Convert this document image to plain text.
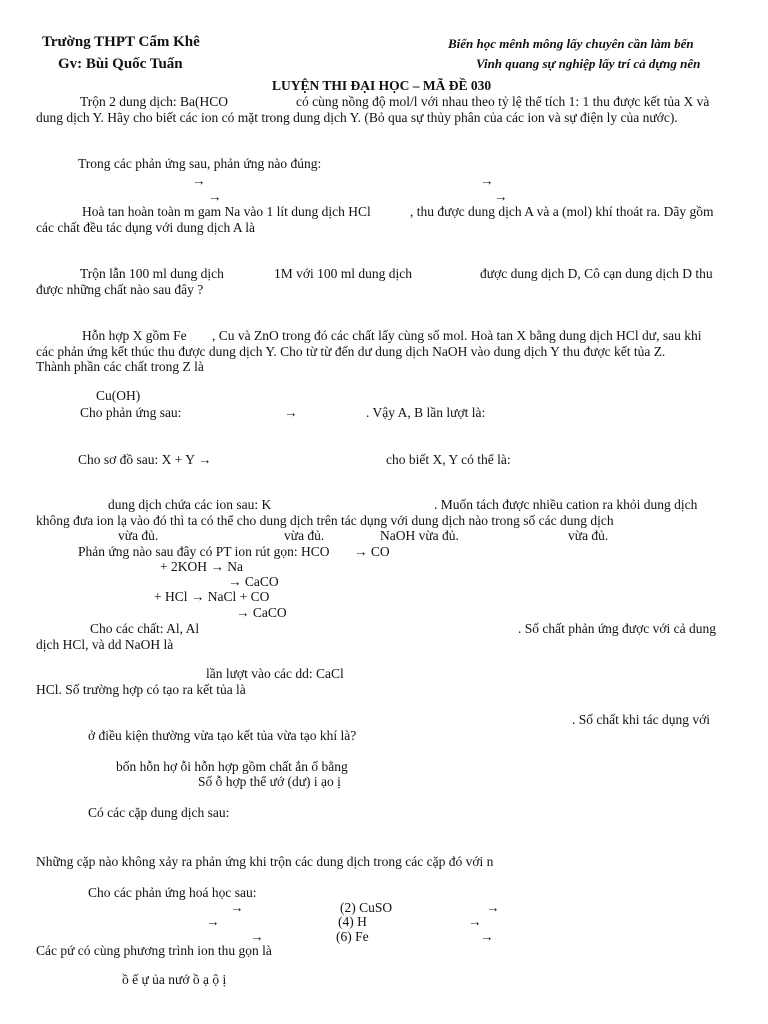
Trường THPT Cẩm Khê
Gv: Bùi Quốc Tuấn
Biển học mênh mông lấy chuyên cần làm bến
Vinh quang sự nghiệp lấy trí cả dựng nên
LUYỆN THI ĐẠI HỌC – MÃ ĐỀ 030
Trộn 2 dung dịch: Ba(HCO	có cùng nồng độ mol/l với nhau theo tỷ lệ thể tích 1: 1 thu được kết tủa X và
dung dịch Y. Hãy cho biết các ion có mặt trong dung dịch Y. (Bỏ qua sự thủy phân của các ion và sự điện ly của nước).
Trong các phản ứng sau, phản ứng nào đúng:
→	→
→	→
Hoà tan hoàn toàn m gam Na vào 1 lít dung dịch HCl	, thu được dung dịch A và a (mol) khí thoát ra. Dãy gồm
các chất đều tác dụng với dung dịch A là
Trộn lẫn 100 ml dung dịch	1M với 100 ml dung dịch	được dung dịch D, Cô cạn dung dịch D thu
được những chất nào sau đây ?
Hỗn hợp X gồm Fe , Cu và ZnO trong đó các chất lấy cùng số mol. Hoà tan X bằng dung dịch HCl dư, sau khi
các phản ứng kết thúc thu được dung dịch Y. Cho từ từ đến dư dung dịch NaOH vào dung dịch Y thu được kết tủa Z.
Thành phần các chất trong Z là
Cu(OH)
Cho phản ứng sau:	→	. Vậy A, B lần lượt là:
Cho sơ đồ sau: X + Y →	cho biết X, Y có thể là:
dung dịch chứa các ion sau: K	. Muốn tách được nhiều cation ra khỏi dung dịch
không đưa ion lạ vào đó thì ta có thể cho dung dịch trên tác dụng với dung dịch nào trong số các dung dịch
vừa đủ.	vừa đủ.	NaOH vừa đủ.	vừa đủ.
Phản ứng nào sau đây có PT ion rút gọn: HCO → CO
+ 2KOH → Na
→ CaCO
+ HCl → NaCl + CO
→ CaCO
Cho các chất: Al, Al	. Số chất phản ứng được với cả dung
dịch HCl, và dd NaOH là
lần lượt vào các dd: CaCl
HCl. Số trường hợp có tạo ra kết tủa là
. Số chất khi tác dụng với
ở điều kiện thường vừa tạo kết tủa vừa tạo khí là?
bốn hỗn hợ ỗi hỗn hợp gồm chất ắn ố bằng
Số ỗ hợp thể ướ (dư) i ạo ị
Có các cặp dung dịch sau:
Những cặp nào không xảy ra phản ứng khi trộn các dung dịch trong các cặp đó với n
Cho các phản ứng hoá học sau:
→	(2) CuSO	→
→	(4) H	→
→	(6) Fe	→
Các pứ có cùng phương trình ion thu gọn là
ồ ế ự ủa nướ ồ ạ ộ ị
